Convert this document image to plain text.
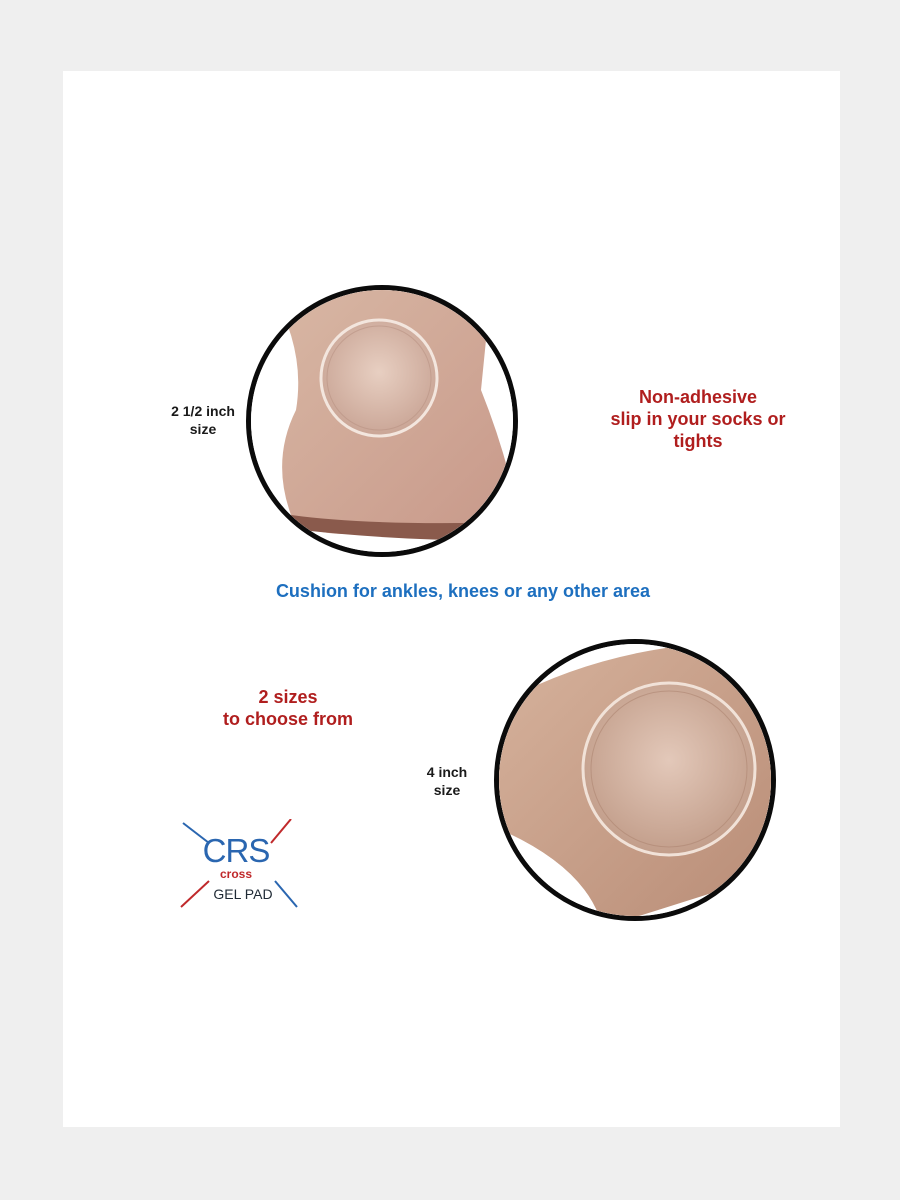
2 1/2 inch
size
Non-adhesive
slip in your socks or
tights
Cushion for ankles, knees or any other area
2 sizes
to choose from
4 inch
size
CRS
cross
GEL PAD
